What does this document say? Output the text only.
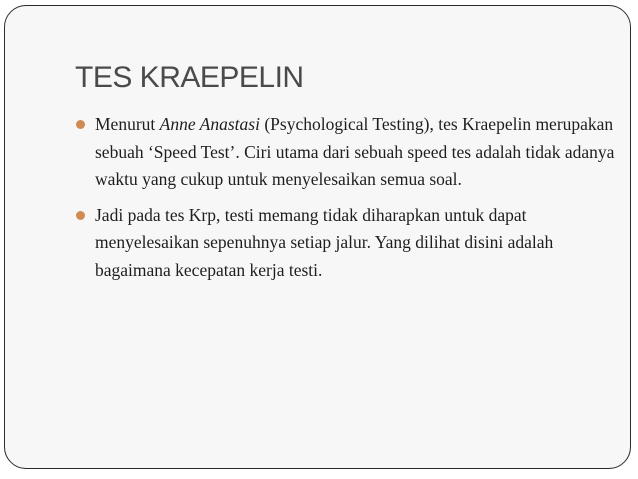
TES KRAEPELIN
Menurut Anne Anastasi (Psychological Testing), tes Kraepelin merupakan sebuah ‘Speed Test’. Ciri utama dari sebuah speed tes adalah tidak adanya waktu yang cukup untuk menyelesaikan semua soal.
Jadi pada tes Krp, testi memang tidak diharapkan untuk dapat menyelesaikan sepenuhnya setiap jalur. Yang dilihat disini adalah bagaimana kecepatan kerja testi.
